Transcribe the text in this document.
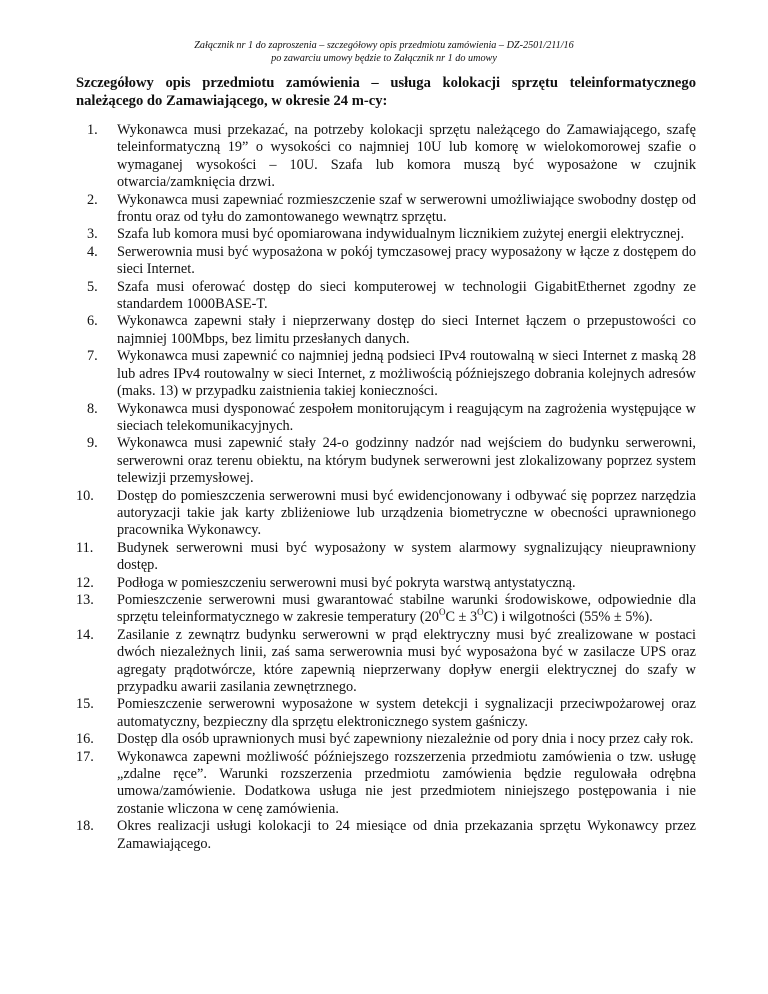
Załącznik nr 1 do zaproszenia – szczegółowy opis przedmiotu zamówienia – DZ-2501/211/16
po zawarciu umowy będzie to Załącznik nr 1 do umowy
Szczegółowy opis przedmiotu zamówienia – usługa kolokacji sprzętu teleinformatycznego należącego do Zamawiającego, w okresie 24 m-cy:
1.	Wykonawca musi przekazać, na potrzeby kolokacji sprzętu należącego do Zamawiającego, szafę teleinformatyczną 19” o wysokości co najmniej 10U lub komorę w wielokomorowej szafie o wymaganej wysokości – 10U. Szafa lub komora muszą być wyposażone w czujnik otwarcia/zamknięcia drzwi.
2.	Wykonawca musi zapewniać rozmieszczenie szaf w serwerowni umożliwiające swobodny dostęp od frontu oraz od tyłu do zamontowanego wewnątrz sprzętu.
3.	Szafa lub komora musi być opomiarowana indywidualnym licznikiem zużytej energii elektrycznej.
4.	Serwerownia musi być wyposażona w pokój tymczasowej pracy wyposażony w łącze z dostępem do sieci Internet.
5.	Szafa musi oferować dostęp do sieci komputerowej w technologii GigabitEthernet zgodny ze standardem 1000BASE-T.
6.	Wykonawca zapewni stały i nieprzerwany dostęp do sieci Internet łączem o przepustowości co najmniej 100Mbps, bez limitu przesłanych danych.
7.	Wykonawca musi zapewnić co najmniej jedną podsieci IPv4 routowalną w sieci Internet z maską 28 lub adres IPv4 routowalny w sieci Internet, z możliwością późniejszego dobrania kolejnych adresów (maks. 13) w przypadku zaistnienia takiej konieczności.
8.	Wykonawca musi dysponować zespołem monitorującym i reagującym na zagrożenia występujące w sieciach telekomunikacyjnych.
9.	Wykonawca musi zapewnić stały 24-o godzinny nadzór nad wejściem do budynku serwerowni, serwerowni oraz terenu obiektu, na którym budynek serwerowni jest zlokalizowany poprzez system telewizji przemysłowej.
10.	Dostęp do pomieszczenia serwerowni musi być ewidencjonowany i odbywać się poprzez narzędzia autoryzacji takie jak karty zbliżeniowe lub urządzenia biometryczne w obecności uprawnionego pracownika Wykonawcy.
11.	Budynek serwerowni musi być wyposażony w system alarmowy sygnalizujący nieuprawniony dostęp.
12.	Podłoga w pomieszczeniu serwerowni musi być pokryta warstwą antystatyczną.
13.	Pomieszczenie serwerowni musi gwarantować stabilne warunki środowiskowe, odpowiednie dla sprzętu teleinformatycznego w zakresie temperatury $(20^OC \pm 3^OC)$ i wilgotności (55% ± 5%).
14.	Zasilanie z zewnątrz budynku serwerowni w prąd elektryczny musi być zrealizowane w postaci dwóch niezależnych linii, zaś sama serwerownia musi być wyposażona być w zasilacze UPS oraz agregaty prądotwórcze, które zapewnią nieprzerwany dopływ energii elektrycznej do szafy w przypadku awarii zasilania zewnętrznego.
15.	Pomieszczenie serwerowni wyposażone w system detekcji i sygnalizacji przeciwpożarowej oraz automatyczny, bezpieczny dla sprzętu elektronicznego system gaśniczy.
16.	Dostęp dla osób uprawnionych musi być zapewniony niezależnie od pory dnia i nocy przez cały rok.
17.	Wykonawca zapewni możliwość późniejszego rozszerzenia przedmiotu zamówienia o tzw. usługę „zdalne ręce”. Warunki rozszerzenia przedmiotu zamówienia będzie regulowała odrębna umowa/zamówienie. Dodatkowa usługa nie jest przedmiotem niniejszego postępowania i nie zostanie wliczona w cenę zamówienia.
18.	Okres realizacji usługi kolokacji to 24 miesiące od dnia przekazania sprzętu Wykonawcy przez Zamawiającego.
